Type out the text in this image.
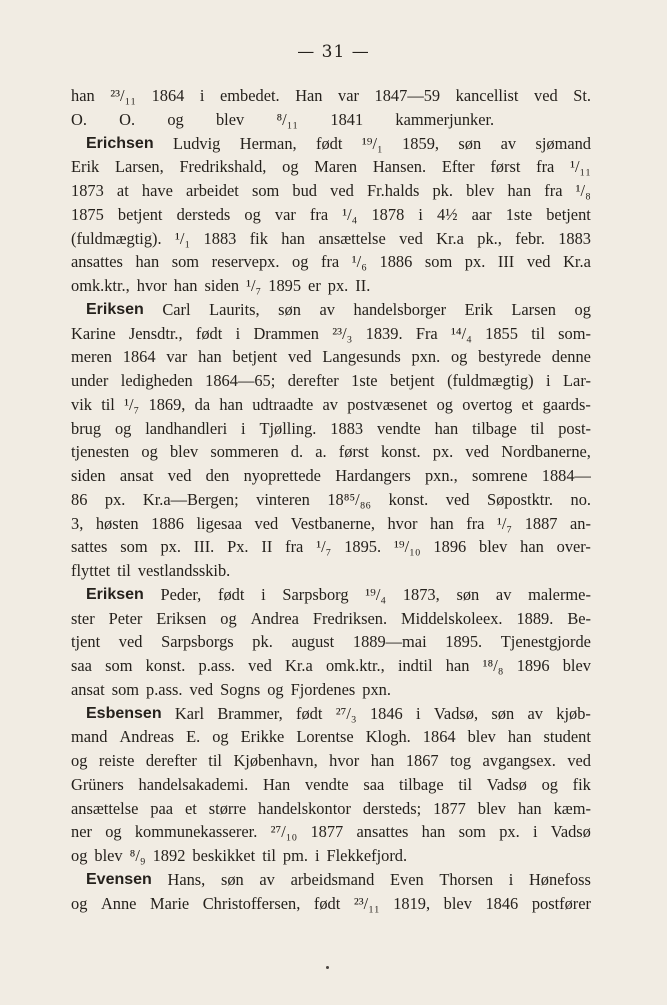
— 31 —
han ²³/₁₁ 1864 i embedet. Han var 1847—59 kancellist ved St.
O. O. og blev ⁸/₁₁ 1841 kammerjunker.
Erichsen Ludvig Herman, født ¹⁹/₁ 1859, søn av sjømand
Erik Larsen, Fredrikshald, og Maren Hansen. Efter først fra ¹/₁₁
1873 at have arbeidet som bud ved Fr.halds pk. blev han fra ¹/₈
1875 betjent dersteds og var fra ¹/₄ 1878 i 4½ aar 1ste betjent
(fuldmægtig). ¹/₁ 1883 fik han ansættelse ved Kr.a pk., febr. 1883
ansattes han som reservepx. og fra ¹/₆ 1886 som px. III ved Kr.a
omk.ktr., hvor han siden ¹/₇ 1895 er px. II.
Eriksen Carl Laurits, søn av handelsborger Erik Larsen og
Karine Jensdtr., født i Drammen ²³/₃ 1839. Fra ¹⁴/₄ 1855 til som-
meren 1864 var han betjent ved Langesunds pxn. og bestyrede denne
under ledigheden 1864—65; derefter 1ste betjent (fuldmægtig) i Lar-
vik til ¹/₇ 1869, da han udtraadte av postvæsenet og overtog et gaards-
brug og landhandleri i Tjølling. 1883 vendte han tilbage til post-
tjenesten og blev sommeren d. a. først konst. px. ved Nordbanerne,
siden ansat ved den nyoprettede Hardangers pxn., somrene 1884—
86 px. Kr.a—Bergen; vinteren 18⁸⁵/₈₆ konst. ved Søpostktr. no.
3, høsten 1886 ligesaa ved Vestbanerne, hvor han fra ¹/₇ 1887 an-
sattes som px. III. Px. II fra ¹/₇ 1895. ¹⁹/₁₀ 1896 blev han over-
flyttet til vestlandsskib.
Eriksen Peder, født i Sarpsborg ¹⁹/₄ 1873, søn av malerme-
ster Peter Eriksen og Andrea Fredriksen. Middelskoleex. 1889. Be-
tjent ved Sarpsborgs pk. august 1889—mai 1895. Tjenestgjorde
saa som konst. p.ass. ved Kr.a omk.ktr., indtil han ¹⁸/₈ 1896 blev
ansat som p.ass. ved Sogns og Fjordenes pxn.
Esbensen Karl Brammer, født ²⁷/₃ 1846 i Vadsø, søn av kjøb-
mand Andreas E. og Erikke Lorentse Klogh. 1864 blev han student
og reiste derefter til Kjøbenhavn, hvor han 1867 tog avgangsex. ved
Grüners handelsakademi. Han vendte saa tilbage til Vadsø og fik
ansættelse paa et større handelskontor dersteds; 1877 blev han kæm-
ner og kommunekasserer. ²⁷/₁₀ 1877 ansattes han som px. i Vadsø
og blev ⁸/₉ 1892 beskikket til pm. i Flekkefjord.
Evensen Hans, søn av arbeidsmand Even Thorsen i Hønefoss
og Anne Marie Christoffersen, født ²³/₁₁ 1819, blev 1846 postfører
